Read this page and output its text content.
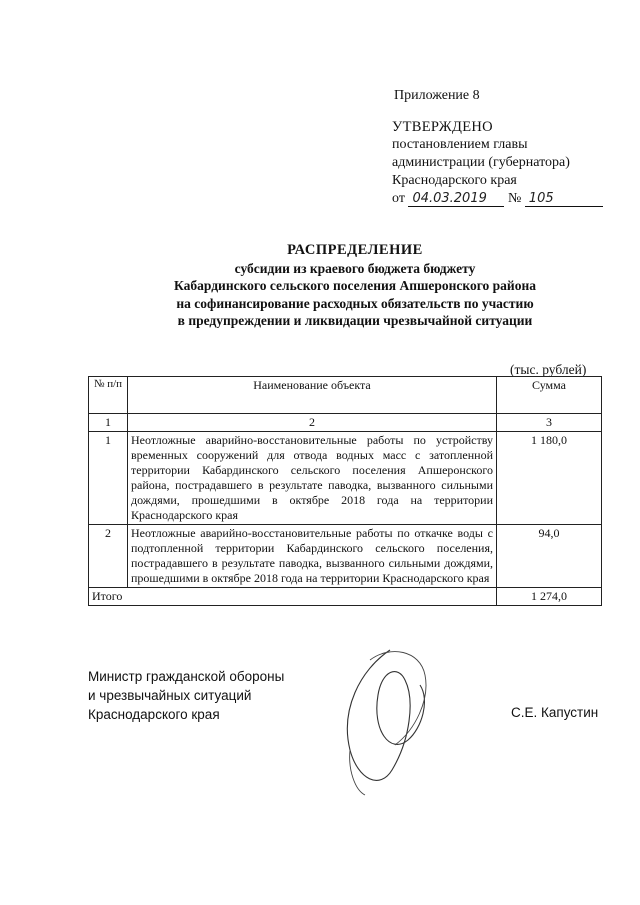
Приложение 8
УТВЕРЖДЕНО
постановлением главы
администрации (губернатора)
Краснодарского края
от 04.03.2019 № 105
РАСПРЕДЕЛЕНИЕ
субсидии из краевого бюджета бюджету
Кабардинского сельского поселения Апшеронского района
на софинансирование расходных обязательств по участию
в предупреждении и ликвидации чрезвычайной ситуации
(тыс. рублей)
№ п/п	Наименование объекта	Сумма
1	2	3
1	Неотложные аварийно-восстановительные работы по устройству временных сооружений для отвода водных масс с затопленной территории Кабардинского сельского поселения Апшеронского района, пострадавшего в результате паводка, вызванного сильными дождями, прошедшими в октябре 2018 года на территории Краснодарского края	1 180,0
2	Неотложные аварийно-восстановительные работы по откачке воды с подтопленной территории Кабардинского сельского поселения, пострадавшего в результате паводка, вызванного сильными дождями, прошедшими в октябре 2018 года на территории Краснодарского края	94,0
Итого		1 274,0
Министр гражданской обороны
и чрезвычайных ситуаций
Краснодарского края	С.Е. Капустин
